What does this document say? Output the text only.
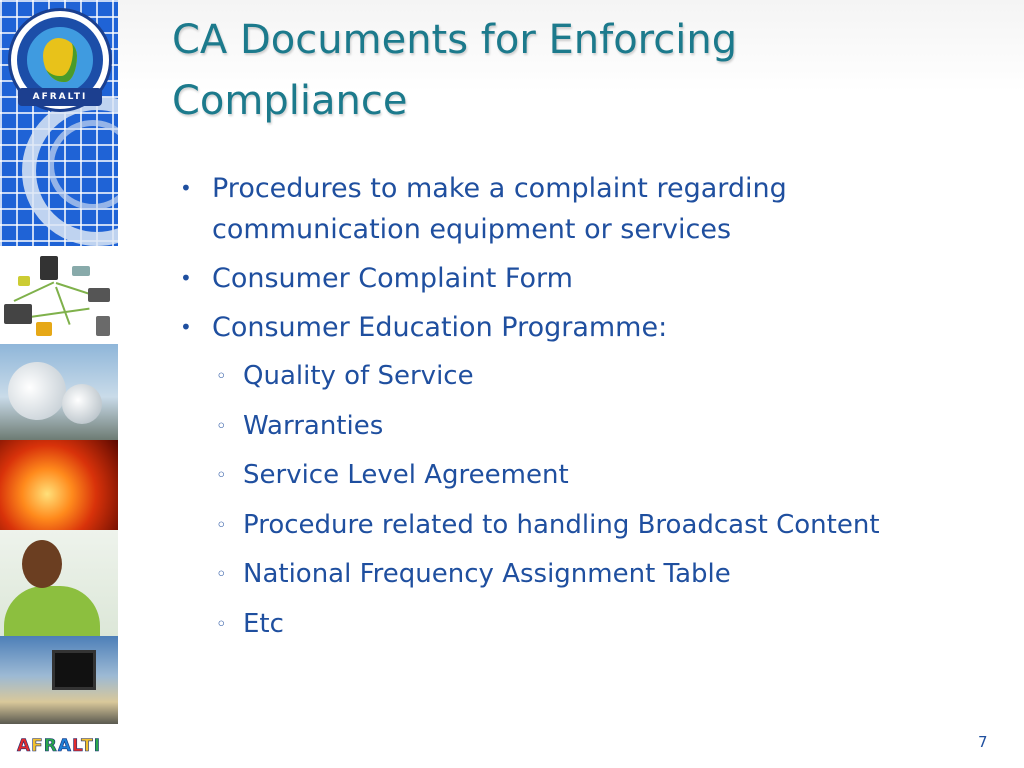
AFRALTI
AFRALTI
CA Documents for Enforcing Compliance
• Procedures to make a complaint regarding communication equipment or services
• Consumer Complaint Form
• Consumer Education Programme:
◦ Quality of Service
◦ Warranties
◦ Service Level Agreement
◦ Procedure related to handling Broadcast Content
◦ National Frequency Assignment Table
◦ Etc
7
